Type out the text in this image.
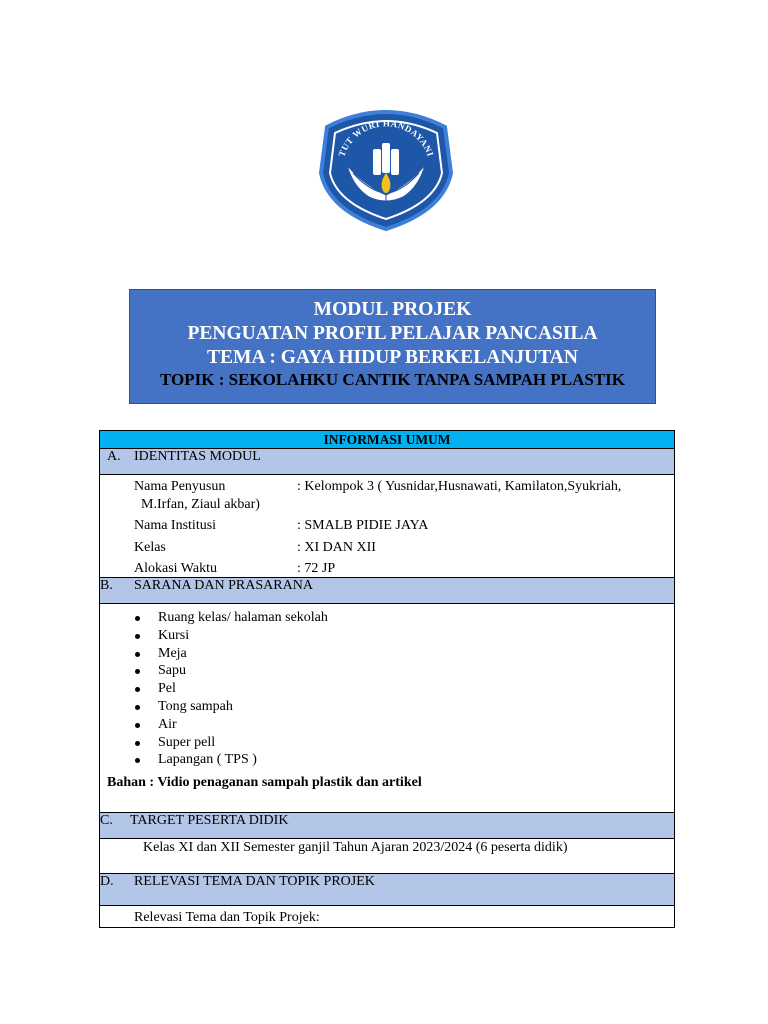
TUT WURI HANDAYANI
MODUL PROJEK
PENGUATAN PROFIL PELAJAR PANCASILA
TEMA : GAYA HIDUP BERKELANJUTAN
TOPIK : SEKOLAHKU CANTIK TANPA SAMPAH PLASTIK
INFORMASI UMUM
A. IDENTITAS MODUL
Nama Penyusun	: Kelompok 3 ( Yusnidar,Husnawati, Kamilaton,Syukriah,
M.Irfan, Ziaul akbar)
Nama Institusi	: SMALB PIDIE JAYA
Kelas	: XI DAN XII
Alokasi Waktu	: 72 JP
B. SARANA DAN PRASARANA
Ruang kelas/ halaman sekolah
Kursi
Meja
Sapu
Pel
Tong sampah
Air
Super pell
Lapangan ( TPS )
Bahan : Vidio penaganan sampah plastik dan artikel
C. TARGET PESERTA DIDIK
Kelas XI dan XII Semester ganjil Tahun Ajaran 2023/2024 (6 peserta didik)
D. RELEVASI TEMA DAN TOPIK PROJEK
Relevasi Tema dan Topik Projek:
